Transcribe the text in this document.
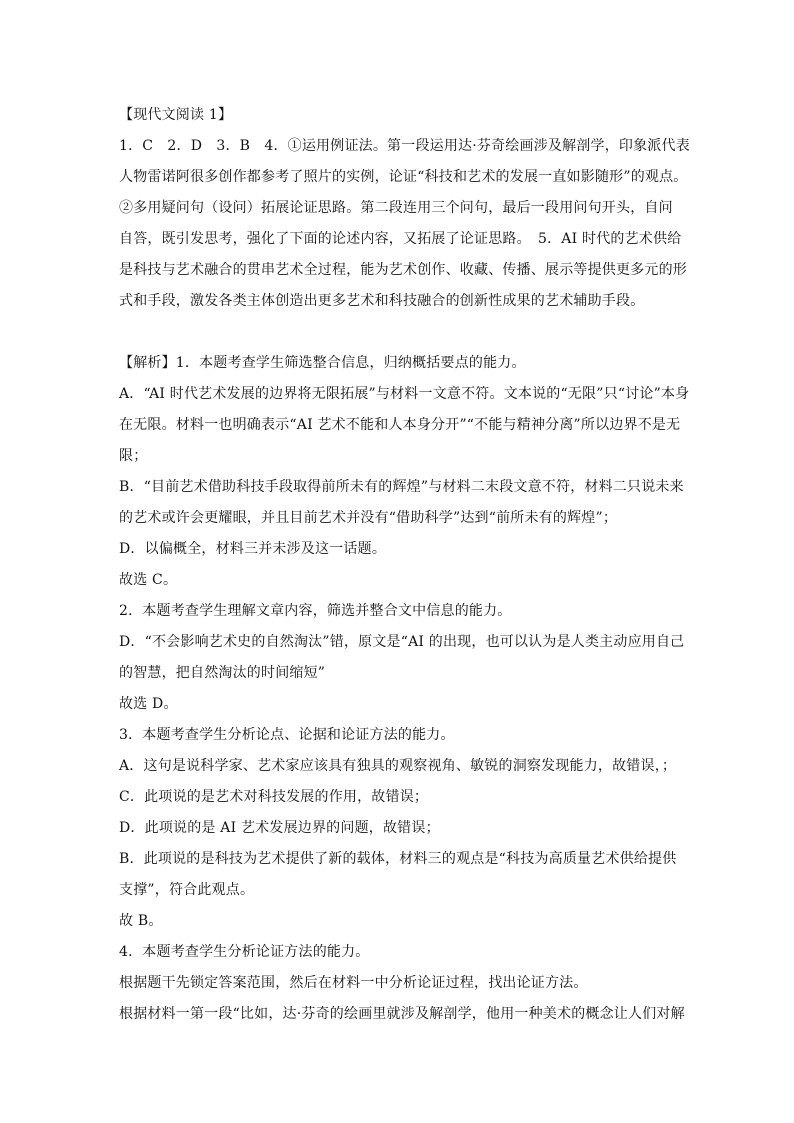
【现代文阅读 1】
1．C　2．D　3．B　4．①运用例证法。第一段运用达·芬奇绘画涉及解剖学，印象派代表
人物雷诺阿很多创作都参考了照片的实例，论证“科技和艺术的发展一直如影随形”的观点。
②多用疑问句（设问）拓展论证思路。第二段连用三个问句，最后一段用问句开头，自问
自答，既引发思考，强化了下面的论述内容，又拓展了论证思路。　5．AI 时代的艺术供给
是科技与艺术融合的贯串艺术全过程，能为艺术创作、收藏、传播、展示等提供更多元的形
式和手段，激发各类主体创造出更多艺术和科技融合的创新性成果的艺术辅助手段。
【解析】1．本题考查学生筛选整合信息，归纳概括要点的能力。
A．“AI 时代艺术发展的边界将无限拓展”与材料一文意不符。文本说的“无限”只“讨论”本身
在无限。材料一也明确表示“AI 艺术不能和人本身分开”“不能与精神分离”所以边界不是无
限；
B．“目前艺术借助科技手段取得前所未有的辉煌”与材料二末段文意不符，材料二只说未来
的艺术或许会更耀眼，并且目前艺术并没有“借助科学”达到“前所未有的辉煌”；
D．以偏概全，材料三并未涉及这一话题。
故选 C。
2．本题考查学生理解文章内容，筛选并整合文中信息的能力。
D．“不会影响艺术史的自然淘汰”错，原文是“AI 的出现，也可以认为是人类主动应用自己
的智慧，把自然淘汰的时间缩短”
故选 D。
3．本题考查学生分析论点、论据和论证方法的能力。
A．这句是说科学家、艺术家应该具有独具的观察视角、敏锐的洞察发现能力，故错误，；
C．此项说的是艺术对科技发展的作用，故错误；
D．此项说的是 AI 艺术发展边界的问题，故错误；
B．此项说的是科技为艺术提供了新的载体，材料三的观点是“科技为高质量艺术供给提供
支撑”，符合此观点。
故 B。
4．本题考查学生分析论证方法的能力。
根据题干先锁定答案范围，然后在材料一中分析论证过程，找出论证方法。
根据材料一第一段“比如，达·芬奇的绘画里就涉及解剖学，他用一种美术的概念让人们对解
